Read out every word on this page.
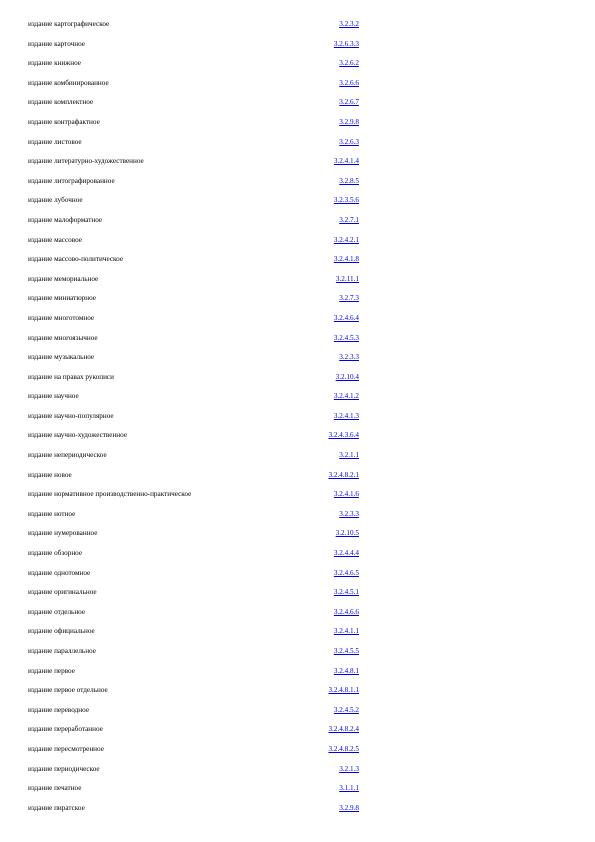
издание картографическое	3.2.3.2
издание карточное	3.2.6.3.3
издание книжное	3.2.6.2
издание комбинированное	3.2.6.6
издание комплектное	3.2.6.7
издание контрафактное	3.2.9.8
издание листовое	3.2.6.3
издание литературно-художественное	3.2.4.1.4
издание литографированное	3.2.8.5
издание лубочное	3.2.3.5.6
издание малоформатное	3.2.7.1
издание массовое	3.2.4.2.1
издание массово-политическое	3.2.4.1.8
издание мемориальное	3.2.11.1
издание миниатюрное	3.2.7.3
издание многотомное	3.2.4.6.4
издание многоязычное	3.2.4.5.3
издание музыкальное	3.2.3.3
издание на правах рукописи	3.2.10.4
издание научное	3.2.4.1.2
издание научно-популярное	3.2.4.1.3
издание научно-художественное	3.2.4.3.6.4
издание непериодическое	3.2.1.1
издание новое	3.2.4.8.2.1
издание нормативное производственно-практическое	3.2.4.1.6
издание нотное	3.2.3.3
издание нумерованное	3.2.10.5
издание обзорное	3.2.4.4.4
издание однотомное	3.2.4.6.5
издание оригинальное	3.2.4.5.1
издание отдельное	3.2.4.6.6
издание официальное	3.2.4.1.1
издание параллельное	3.2.4.5.5
издание первое	3.2.4.8.1
издание первое отдельное	3.2.4.8.1.1
издание переводное	3.2.4.5.2
издание переработанное	3.2.4.8.2.4
издание пересмотренное	3.2.4.8.2.5
издание периодическое	3.2.1.3
издание печатное	3.1.1.1
издание пиратское	3.2.9.8
